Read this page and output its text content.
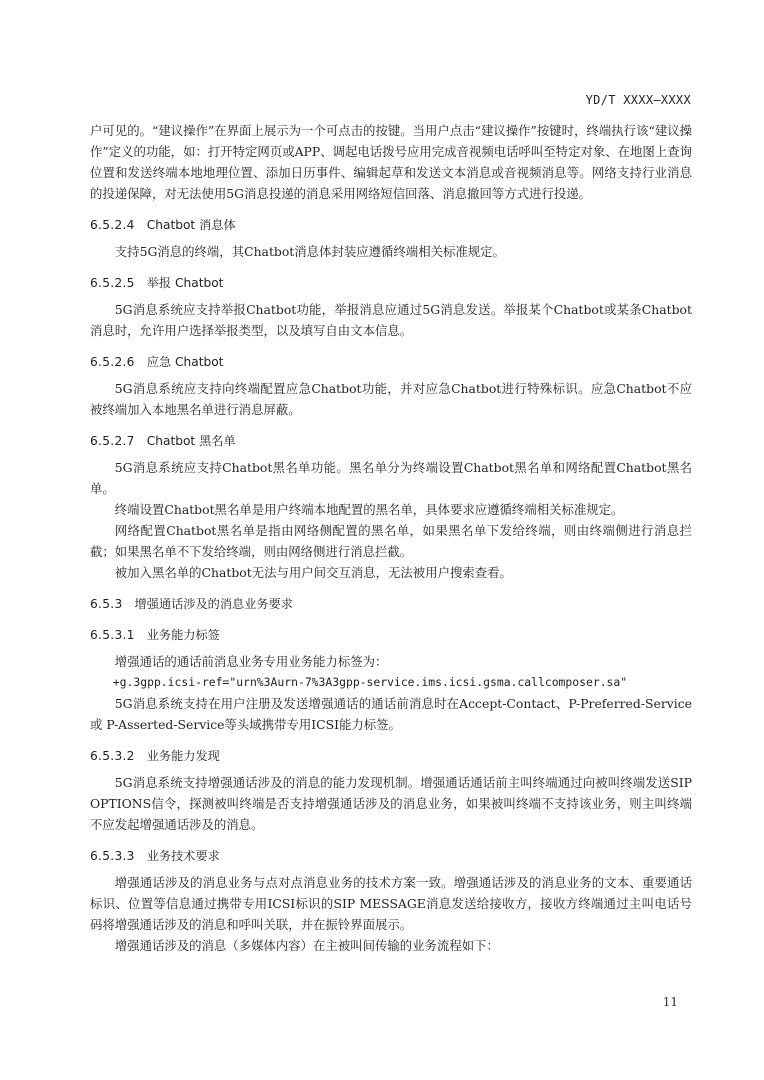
YD/T XXXX—XXXX

户可见的。“建议操作”在界面上展示为一个可点击的按键。当用户点击“建议操作”按键时，终端执行该“建议操作”定义的功能，如：打开特定网页或APP、调起电话拨号应用完成音视频电话呼叫至特定对象、在地图上查询位置和发送终端本地地理位置、添加日历事件、编辑起草和发送文本消息或音视频消息等。网络支持行业消息的投递保障，对无法使用5G消息投递的消息采用网络短信回落、消息撤回等方式进行投递。

6.5.2.4 Chatbot 消息体

支持5G消息的终端，其Chatbot消息体封装应遵循终端相关标准规定。

6.5.2.5 举报 Chatbot

5G消息系统应支持举报Chatbot功能，举报消息应通过5G消息发送。举报某个Chatbot或某条Chatbot消息时，允许用户选择举报类型，以及填写自由文本信息。

6.5.2.6 应急 Chatbot

5G消息系统应支持向终端配置应急Chatbot功能，并对应急Chatbot进行特殊标识。应急Chatbot不应被终端加入本地黑名单进行消息屏蔽。

6.5.2.7 Chatbot 黑名单

5G消息系统应支持Chatbot黑名单功能。黑名单分为终端设置Chatbot黑名单和网络配置Chatbot黑名单。

终端设置Chatbot黑名单是用户终端本地配置的黑名单，具体要求应遵循终端相关标准规定。

网络配置Chatbot黑名单是指由网络侧配置的黑名单，如果黑名单下发给终端，则由终端侧进行消息拦截；如果黑名单不下发给终端，则由网络侧进行消息拦截。

被加入黑名单的Chatbot无法与用户间交互消息，无法被用户搜索查看。

6.5.3 增强通话涉及的消息业务要求
6.5.3.1 业务能力标签

增强通话的通话前消息业务专用业务能力标签为：

+g.3gpp.icsi-ref="urn%3Aurn-7%3A3gpp-service.ims.icsi.gsma.callcomposer.sa"

5G消息系统支持在用户注册及发送增强通话的通话前消息时在Accept-Contact、P-Preferred-Service或 P-Asserted-Service等头域携带专用ICSI能力标签。

6.5.3.2 业务能力发现

5G消息系统支持增强通话涉及的消息的能力发现机制。增强通话通话前主叫终端通过向被叫终端发送SIP OPTIONS信令，探测被叫终端是否支持增强通话涉及的消息业务，如果被叫终端不支持该业务，则主叫终端不应发起增强通话涉及的消息。

6.5.3.3 业务技术要求

增强通话涉及的消息业务与点对点消息业务的技术方案一致。增强通话涉及的消息业务的文本、重要通话标识、位置等信息通过携带专用ICSI标识的SIP MESSAGE消息发送给接收方，接收方终端通过主叫电话号码将增强通话涉及的消息和呼叫关联，并在振铃界面展示。

增强通话涉及的消息（多媒体内容）在主被叫间传输的业务流程如下：

11
